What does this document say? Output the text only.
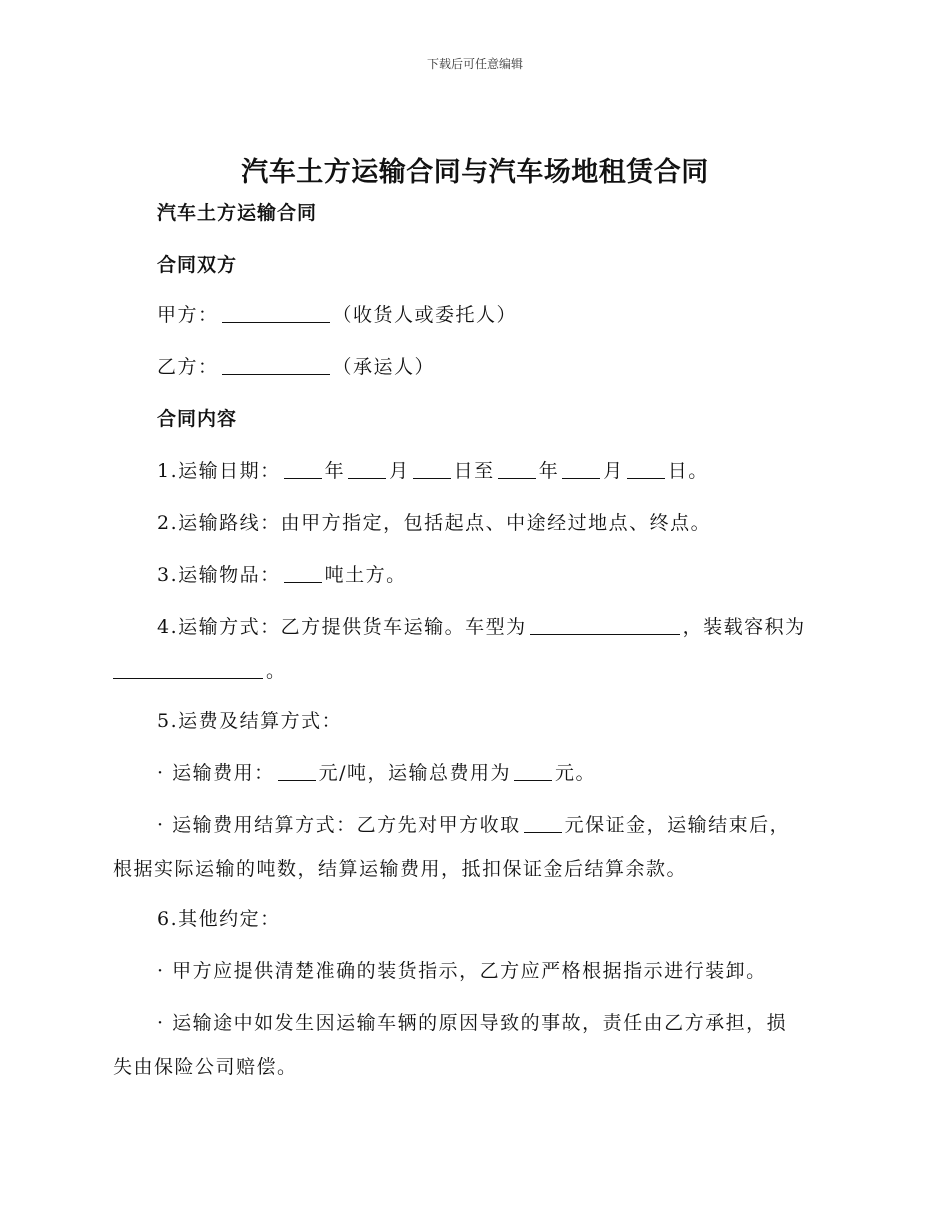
下载后可任意编辑
汽车土方运输合同与汽车场地租赁合同
汽车土方运输合同
合同双方
甲方：	（收货人或委托人）
乙方：	（承运人）
合同内容
1.运输日期： 年 月 日至 年 月 日。
2.运输路线：由甲方指定，包括起点、中途经过地点、终点。
3.运输物品： 吨土方。
4.运输方式：乙方提供货车运输。车型为	，装载容积为
。
5.运费及结算方式：
· 运输费用： 元/吨，运输总费用为 元。
· 运输费用结算方式：乙方先对甲方收取 元保证金，运输结束后，
根据实际运输的吨数，结算运输费用，抵扣保证金后结算余款。
6.其他约定：
· 甲方应提供清楚准确的装货指示，乙方应严格根据指示进行装卸。
· 运输途中如发生因运输车辆的原因导致的事故，责任由乙方承担，损
失由保险公司赔偿。
